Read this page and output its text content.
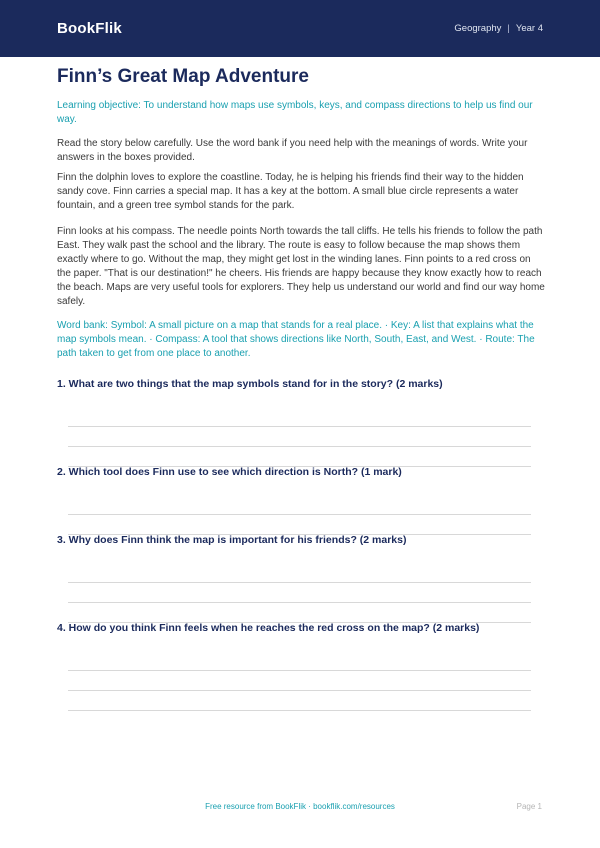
BookFlik	Geography | Year 4
Finn’s Great Map Adventure

Learning objective: To understand how maps use symbols, keys, and compass directions to help us find our way.

Read the story below carefully. Use the word bank if you need help with the meanings of words. Write your answers in the boxes provided.

Finn the dolphin loves to explore the coastline. Today, he is helping his friends find their way to the hidden sandy cove. Finn carries a special map. It has a key at the bottom. A small blue circle represents a water fountain, and a green tree symbol stands for the park.

Finn looks at his compass. The needle points North towards the tall cliffs. He tells his friends to follow the path East. They walk past the school and the library. The route is easy to follow because the map shows them exactly where to go. Without the map, they might get lost in the winding lanes. Finn points to a red cross on the paper. "That is our destination!" he cheers. His friends are happy because they know exactly how to reach the beach. Maps are very useful tools for explorers. They help us understand our world and find our way home safely.

Word bank: Symbol: A small picture on a map that stands for a real place. · Key: A list that explains what the map symbols mean. · Compass: A tool that shows directions like North, South, East, and West. · Route: The path taken to get from one place to another.

1. What are two things that the map symbols stand for in the story? (2 marks)
2. Which tool does Finn use to see which direction is North? (1 mark)
3. Why does Finn think the map is important for his friends? (2 marks)
4. How do you think Finn feels when he reaches the red cross on the map? (2 marks)
Free resource from BookFlik · bookflik.com/resources	Page 1
